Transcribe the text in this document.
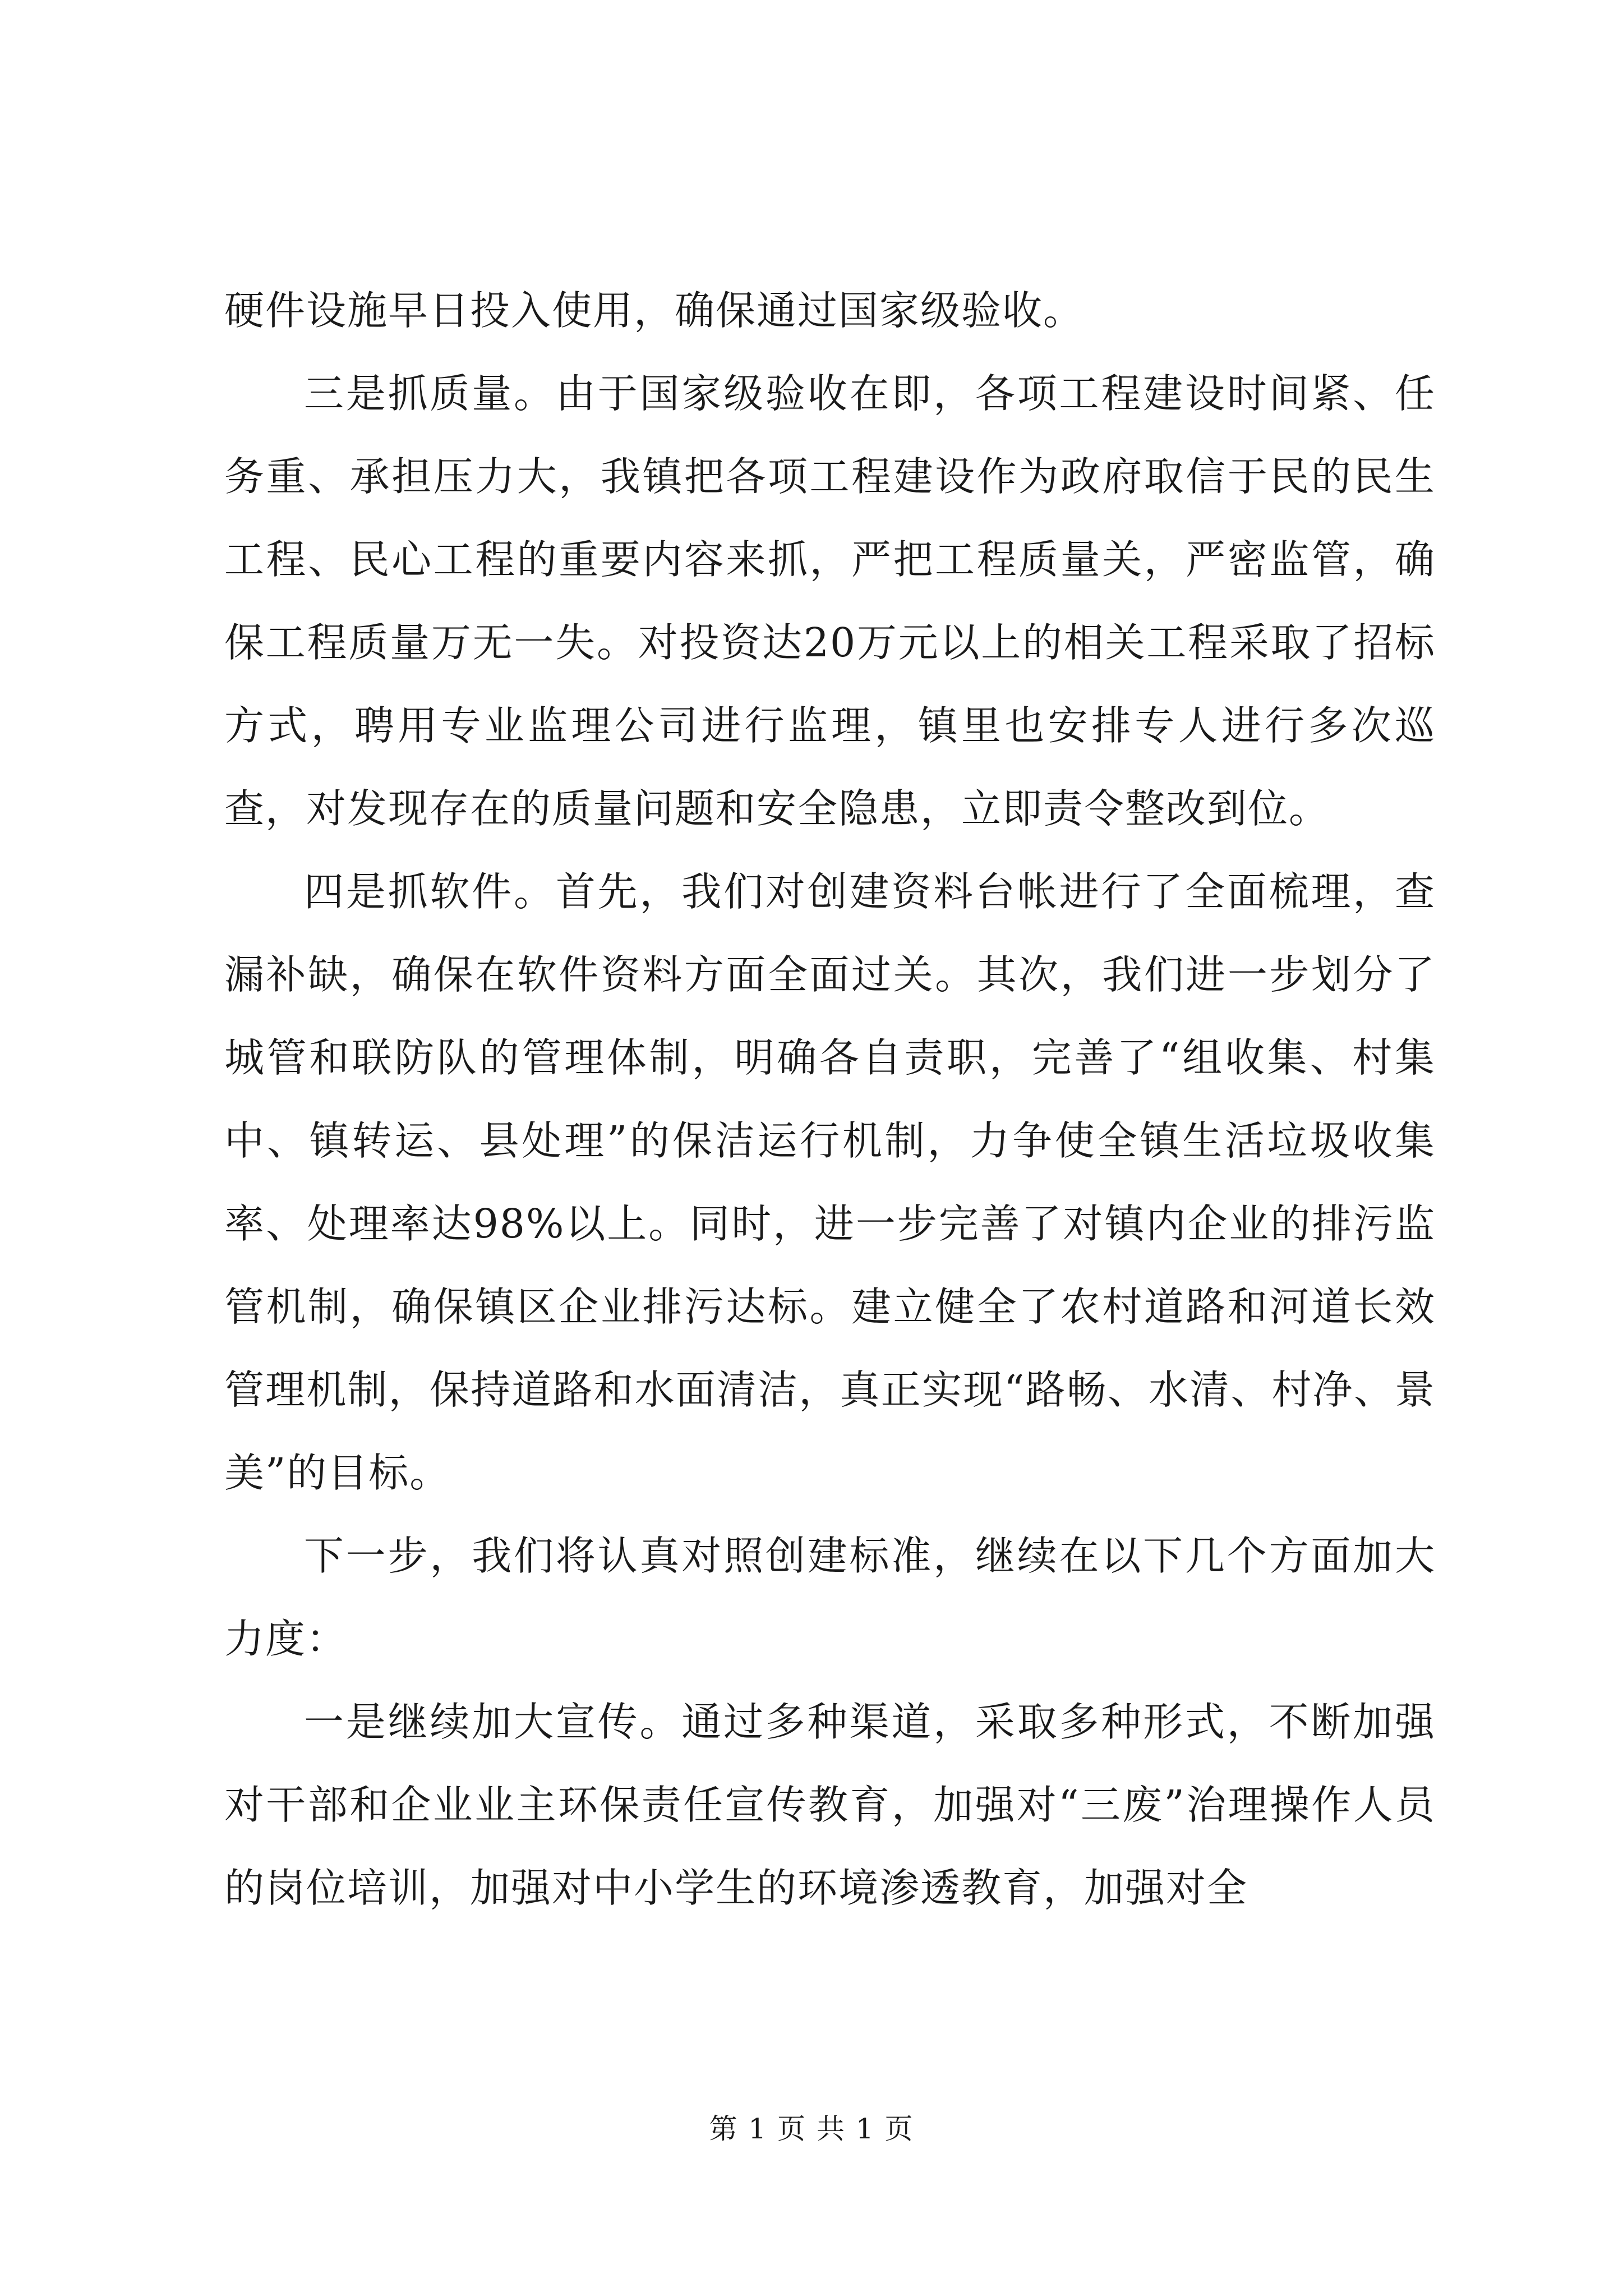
硬件设施早日投入使用，确保通过国家级验收。

三是抓质量。由于国家级验收在即，各项工程建设时间紧、任务重、承担压力大，我镇把各项工程建设作为政府取信于民的民生工程、民心工程的重要内容来抓，严把工程质量关，严密监管，确保工程质量万无一失。对投资达20万元以上的相关工程采取了招标方式，聘用专业监理公司进行监理，镇里也安排专人进行多次巡查，对发现存在的质量问题和安全隐患，立即责令整改到位。

四是抓软件。首先，我们对创建资料台帐进行了全面梳理，查漏补缺，确保在软件资料方面全面过关。其次，我们进一步划分了城管和联防队的管理体制，明确各自责职，完善了“组收集、村集中、镇转运、县处理”的保洁运行机制，力争使全镇生活垃圾收集率、处理率达98%以上。同时，进一步完善了对镇内企业的排污监管机制，确保镇区企业排污达标。建立健全了农村道路和河道长效管理机制，保持道路和水面清洁，真正实现“路畅、水清、村净、景美”的目标。

下一步，我们将认真对照创建标准，继续在以下几个方面加大力度：

一是继续加大宣传。通过多种渠道，采取多种形式，不断加强对干部和企业业主环保责任宣传教育，加强对“三废”治理操作人员的岗位培训，加强对中小学生的环境渗透教育，加强对全

第 1 页 共 1 页
